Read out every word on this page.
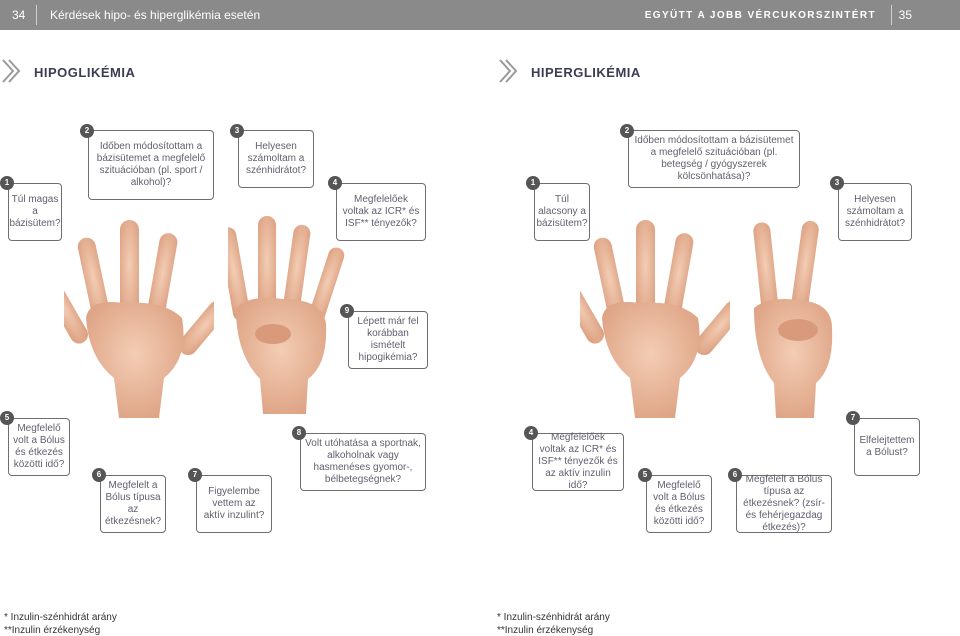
34 Kérdések hipo- és hiperglikémia esetén	EGYÜTT A JOBB VÉRCUKORSZINTÉRT 35
HIPOGLIKÉMIA	HIPERGLIKÉMIA
Túl magas a bázisütem?
1
Időben módosítottam a bázisütemet a megfelelő szituációban (pl. sport / alkohol)?
2
Helyesen számoltam a szénhidrátot?
3
Megfelelőek voltak az ICR* és ISF** tényezők?
4
Megfelelő volt a Bólus és étkezés közötti idő?
5
Megfelelt a Bólus típusa az étkezésnek?
6
Figyelembe vettem az aktív inzulint?
7
Volt utóhatása a sportnak, alkoholnak vagy hasmenéses gyomor-, bélbetegségnek?
8
Lépett már fel korábban ismételt hipogikémia?
9
Túl alacsony a bázisütem?
1
Időben módosítottam a bázisütemet a megfelelő szituációban (pl. betegség / gyógyszerek kölcsönhatása)?
2
Helyesen számoltam a szénhidrátot?
3
Megfelelőek voltak az ICR* és ISF** tényezők és az aktív inzulin idő?
4
Megfelelő volt a Bólus és étkezés közötti idő?
5	Megfelelt a Bólus típusa az étkezésnek? (zsír- és fehérjegazdag étkezés)?
6
Elfelejtettem a Bólust?
7
* Inzulin-szénhidrát arány
**Inzulin érzékenység
* Inzulin-szénhidrát arány
**Inzulin érzékenység
